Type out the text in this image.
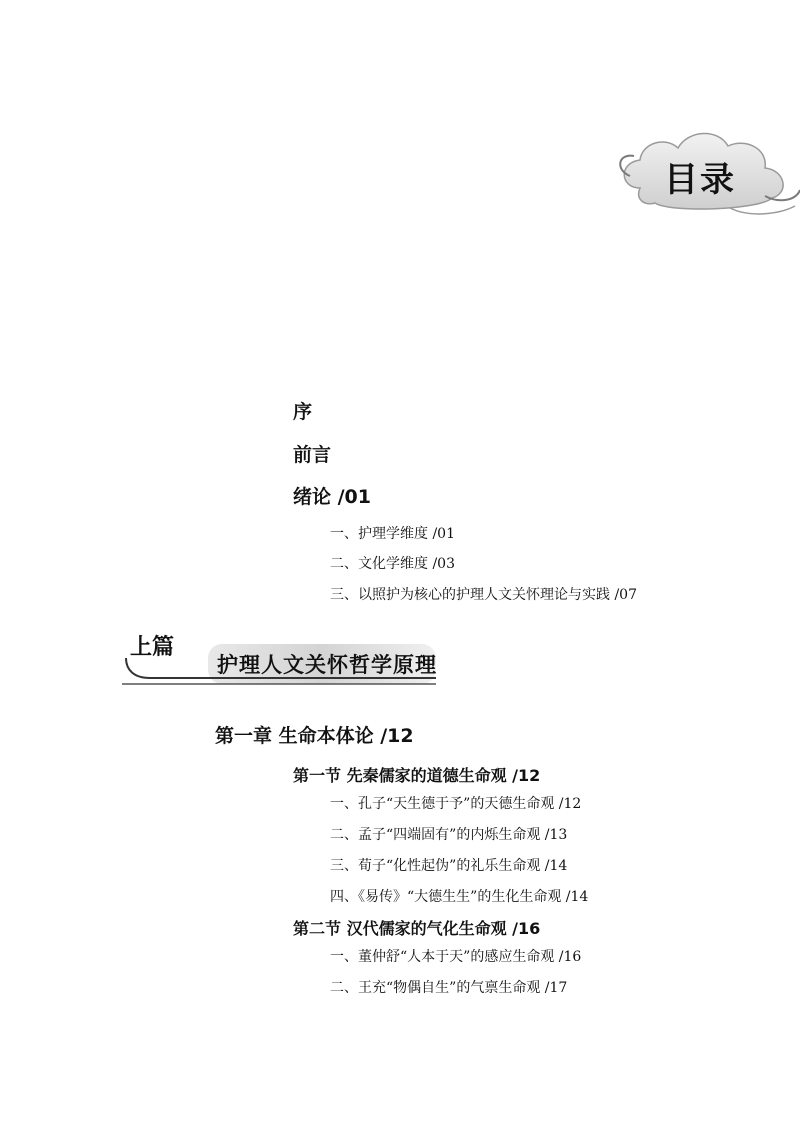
目录
序
前言
绪论 /01
一、护理学维度 /01
二、文化学维度 /03
三、以照护为核心的护理人文关怀理论与实践 /07
上篇
护理人文关怀哲学原理
第一章 生命本体论 /12
第一节 先秦儒家的道德生命观 /12
一、孔子“天生德于予”的天德生命观 /12
二、孟子“四端固有”的内烁生命观 /13
三、荀子“化性起伪”的礼乐生命观 /14
四、《易传》“大德生生”的生化生命观 /14
第二节 汉代儒家的气化生命观 /16
一、董仲舒“人本于天”的感应生命观 /16
二、王充“物偶自生”的气禀生命观 /17
